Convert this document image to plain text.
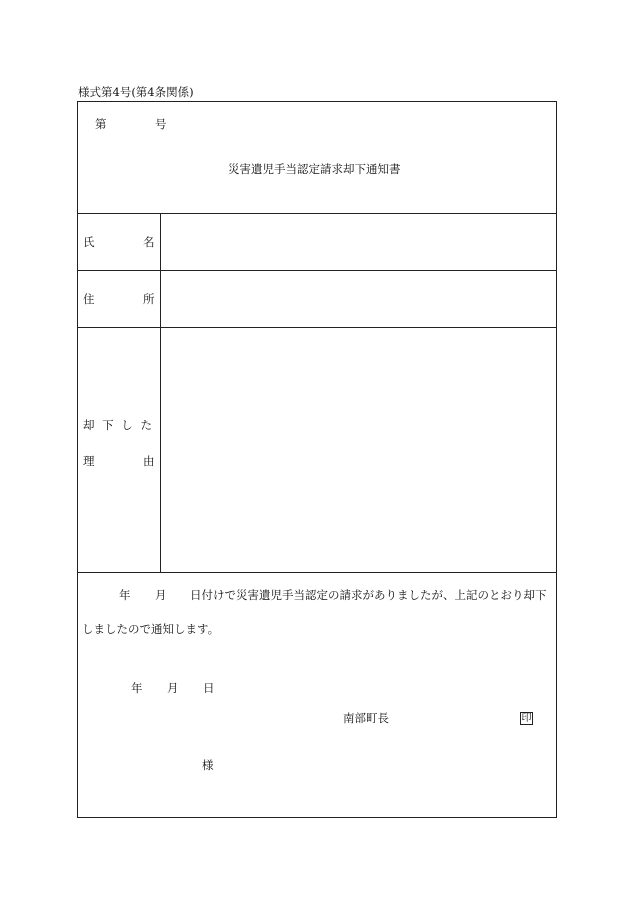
様式第4号(第4条関係)
第	号
災害遺児手当認定請求却下通知書
氏	名
住	所
却 下 し た
理	由
年 月 日付けで災害遺児手当認定の請求がありましたが、上記のとおり却下
しましたので通知します。
年 月 日
南部町長	印
様
